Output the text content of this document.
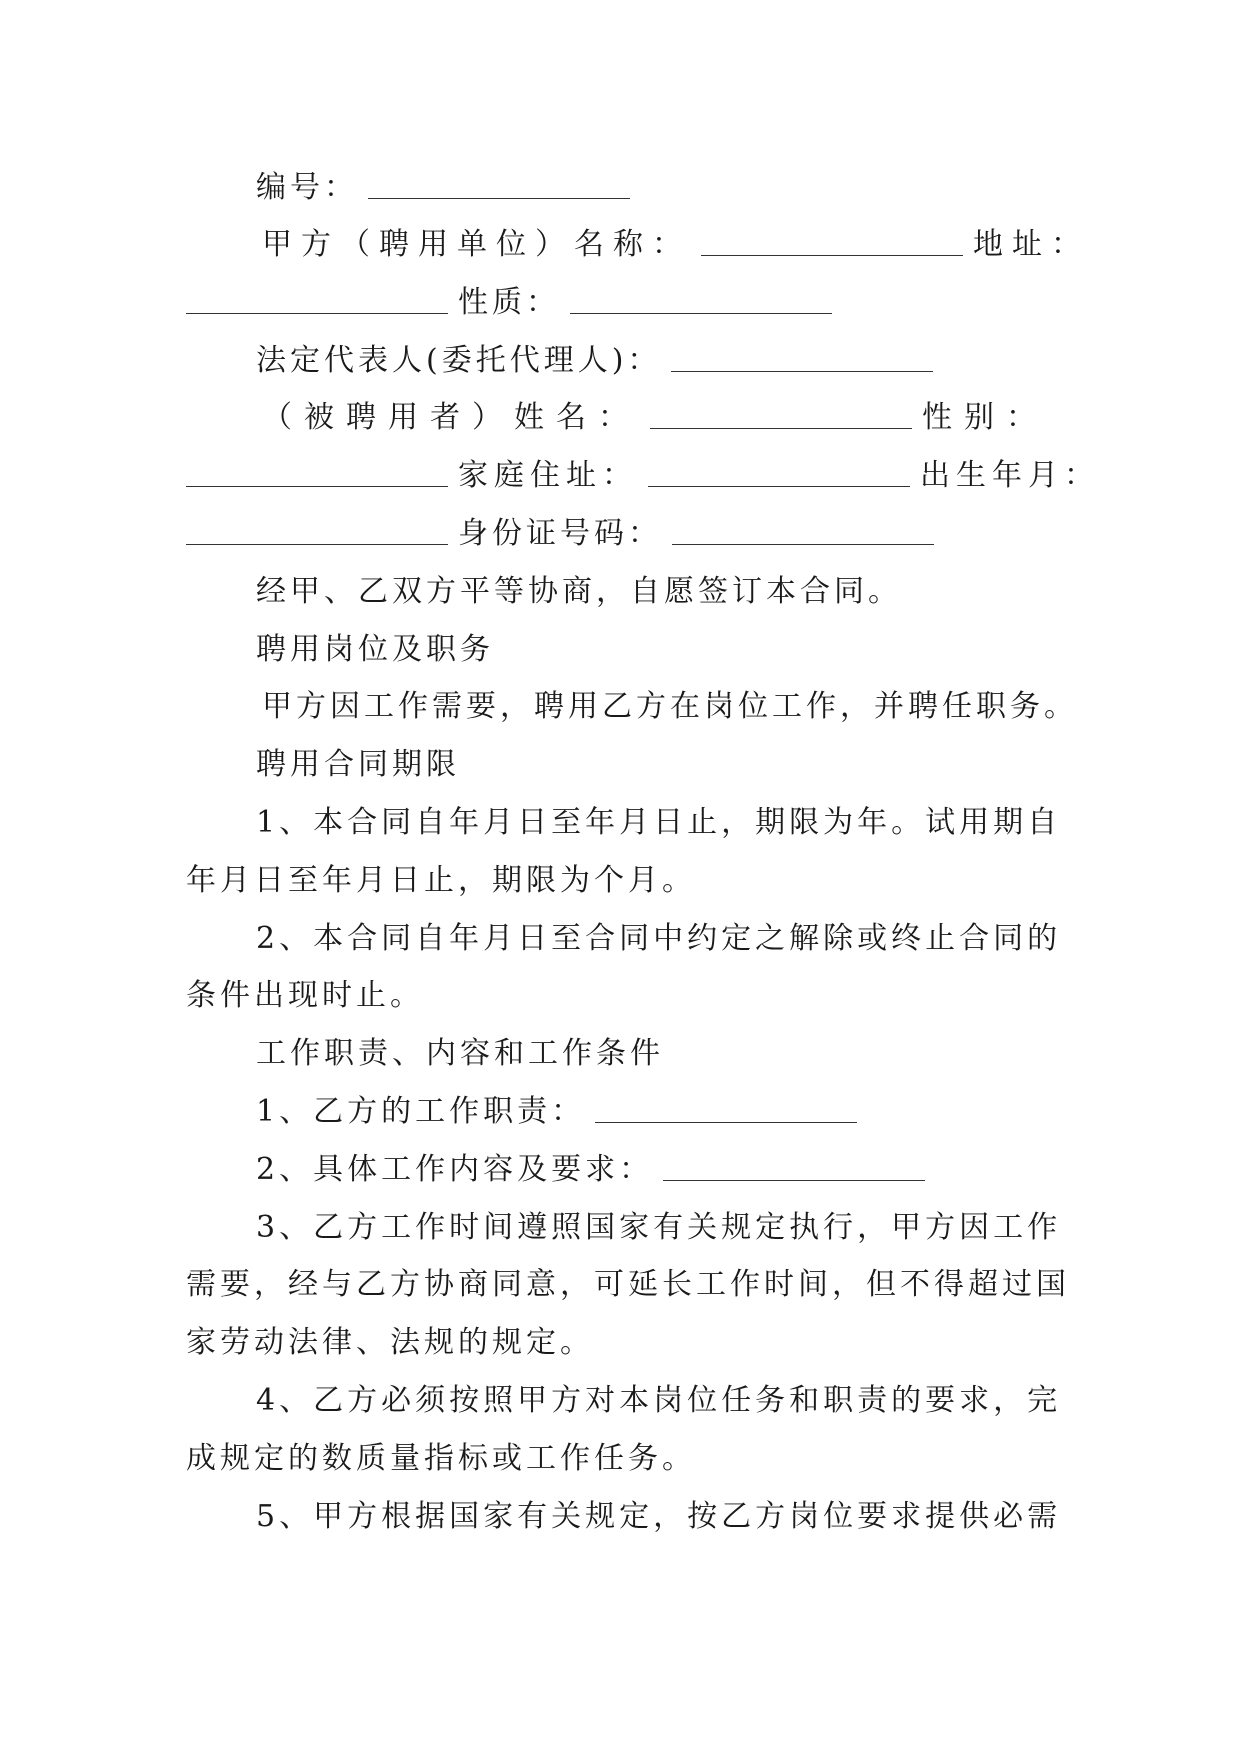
编号：
甲方（聘用单位）名称：	地址：
性质：
法定代表人(委托代理人)：
（被聘用者）姓名：	性别：
家庭住址：	出生年月：
身份证号码：
经甲、乙双方平等协商，自愿签订本合同。
聘用岗位及职务
甲方因工作需要，聘用乙方在岗位工作，并聘任职务。
聘用合同期限
1、本合同自年月日至年月日止，期限为年。试用期自
年月日至年月日止，期限为个月。
2、本合同自年月日至合同中约定之解除或终止合同的
条件出现时止。
工作职责、内容和工作条件
1、乙方的工作职责：
2、具体工作内容及要求：
3、乙方工作时间遵照国家有关规定执行，甲方因工作
需要，经与乙方协商同意，可延长工作时间，但不得超过国
家劳动法律、法规的规定。
4、乙方必须按照甲方对本岗位任务和职责的要求，完
成规定的数质量指标或工作任务。
5、甲方根据国家有关规定，按乙方岗位要求提供必需
